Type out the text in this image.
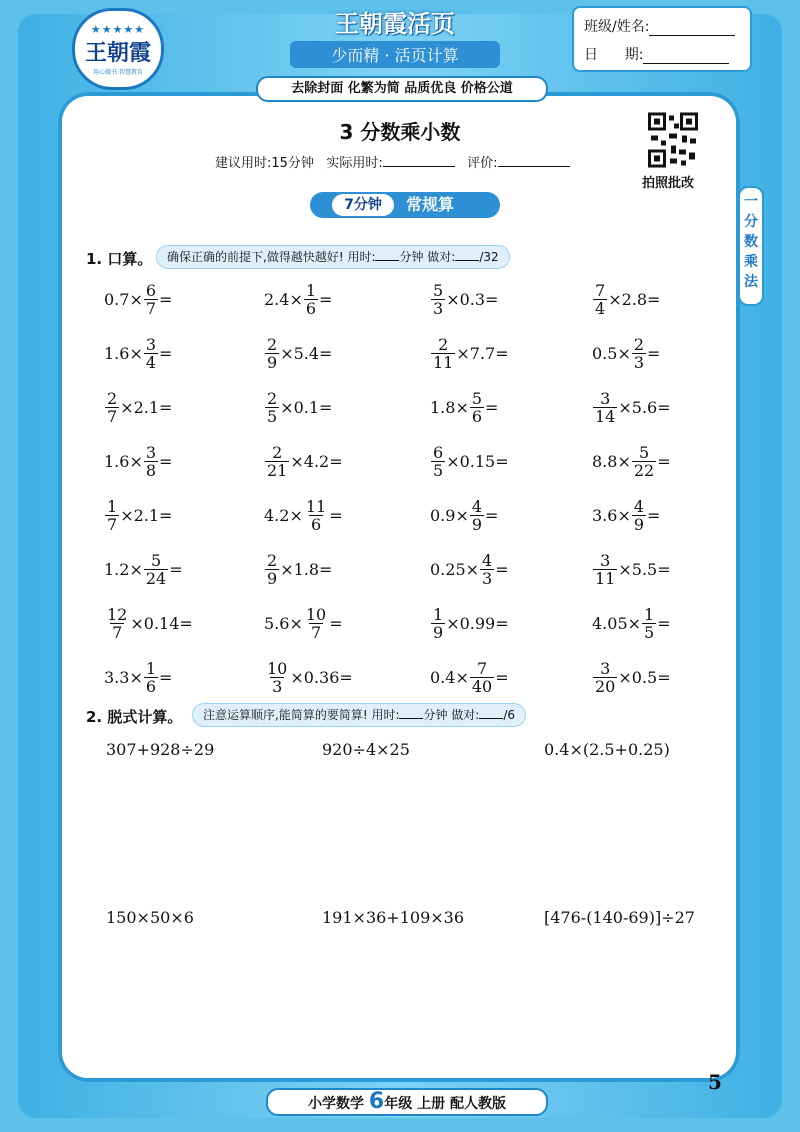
★★★★★
王朝霞
用心做书 智慧教育
王朝霞活页
少而精 · 活页计算
去除封面 化繁为简 品质优良 价格公道
班级/姓名:
日      期:
3 分数乘小数
建议用时:15分钟 实际用时:	评价:
拍照批改
一
分
数
乘
法
7分钟	常规算
1. 口算。	确保正确的前提下,做得越快越好! 用时: 分钟 做对: /32
$0.7\times \frac{6}{7}$ =	$2.4\times \frac{1}{6}$ =	$\frac{5}{3} \times 0.3=$	$\frac{7}{4} \times 2.8=$
$1.6\times \frac{3}{4}$ =	$\frac{2}{9} \times 5.4=$	$\frac{2}{11} \times 7.7=$	$0.5\times \frac{2}{3}$ =
$\frac{2}{7} \times 2.1=$	$\frac{2}{5} \times 0.1=$	$1.8\times \frac{5}{6}$ =	$\frac{3}{14} \times 5.6=$
$1.6\times \frac{3}{8}$ =	$\frac{2}{21} \times 4.2=$	$\frac{6}{5} \times 0.15=$	$8.8\times \frac{5}{22}$ =
$\frac{1}{7} \times 2.1=$	$4.2\times \frac{11}{6}$ =	$0.9\times \frac{4}{9}$ =	$3.6\times \frac{4}{9}$ =
$1.2\times \frac{5}{24}$ =	$\frac{2}{9} \times 1.8=$	$0.25\times \frac{4}{3}$ =	$\frac{3}{11} \times 5.5=$
$\frac{12}{7} \times 0.14=$	$5.6\times \frac{10}{7}$ =	$\frac{1}{9} \times 0.99=$	$4.05\times \frac{1}{5}$ =
$3.3\times \frac{1}{6}$ =	$\frac{10}{3} \times 0.36=$	$0.4\times \frac{7}{40}$ =	$\frac{3}{20} \times 0.5=$
2. 脱式计算。	注意运算顺序,能简算的要简算! 用时: 分钟 做对: /6
307+928÷29	920÷4×25	0.4×(2.5+0.25)
150×50×6	191×36+109×36	[476-(140-69)]÷27
5
小学数学 6年级 上册 配人教版
